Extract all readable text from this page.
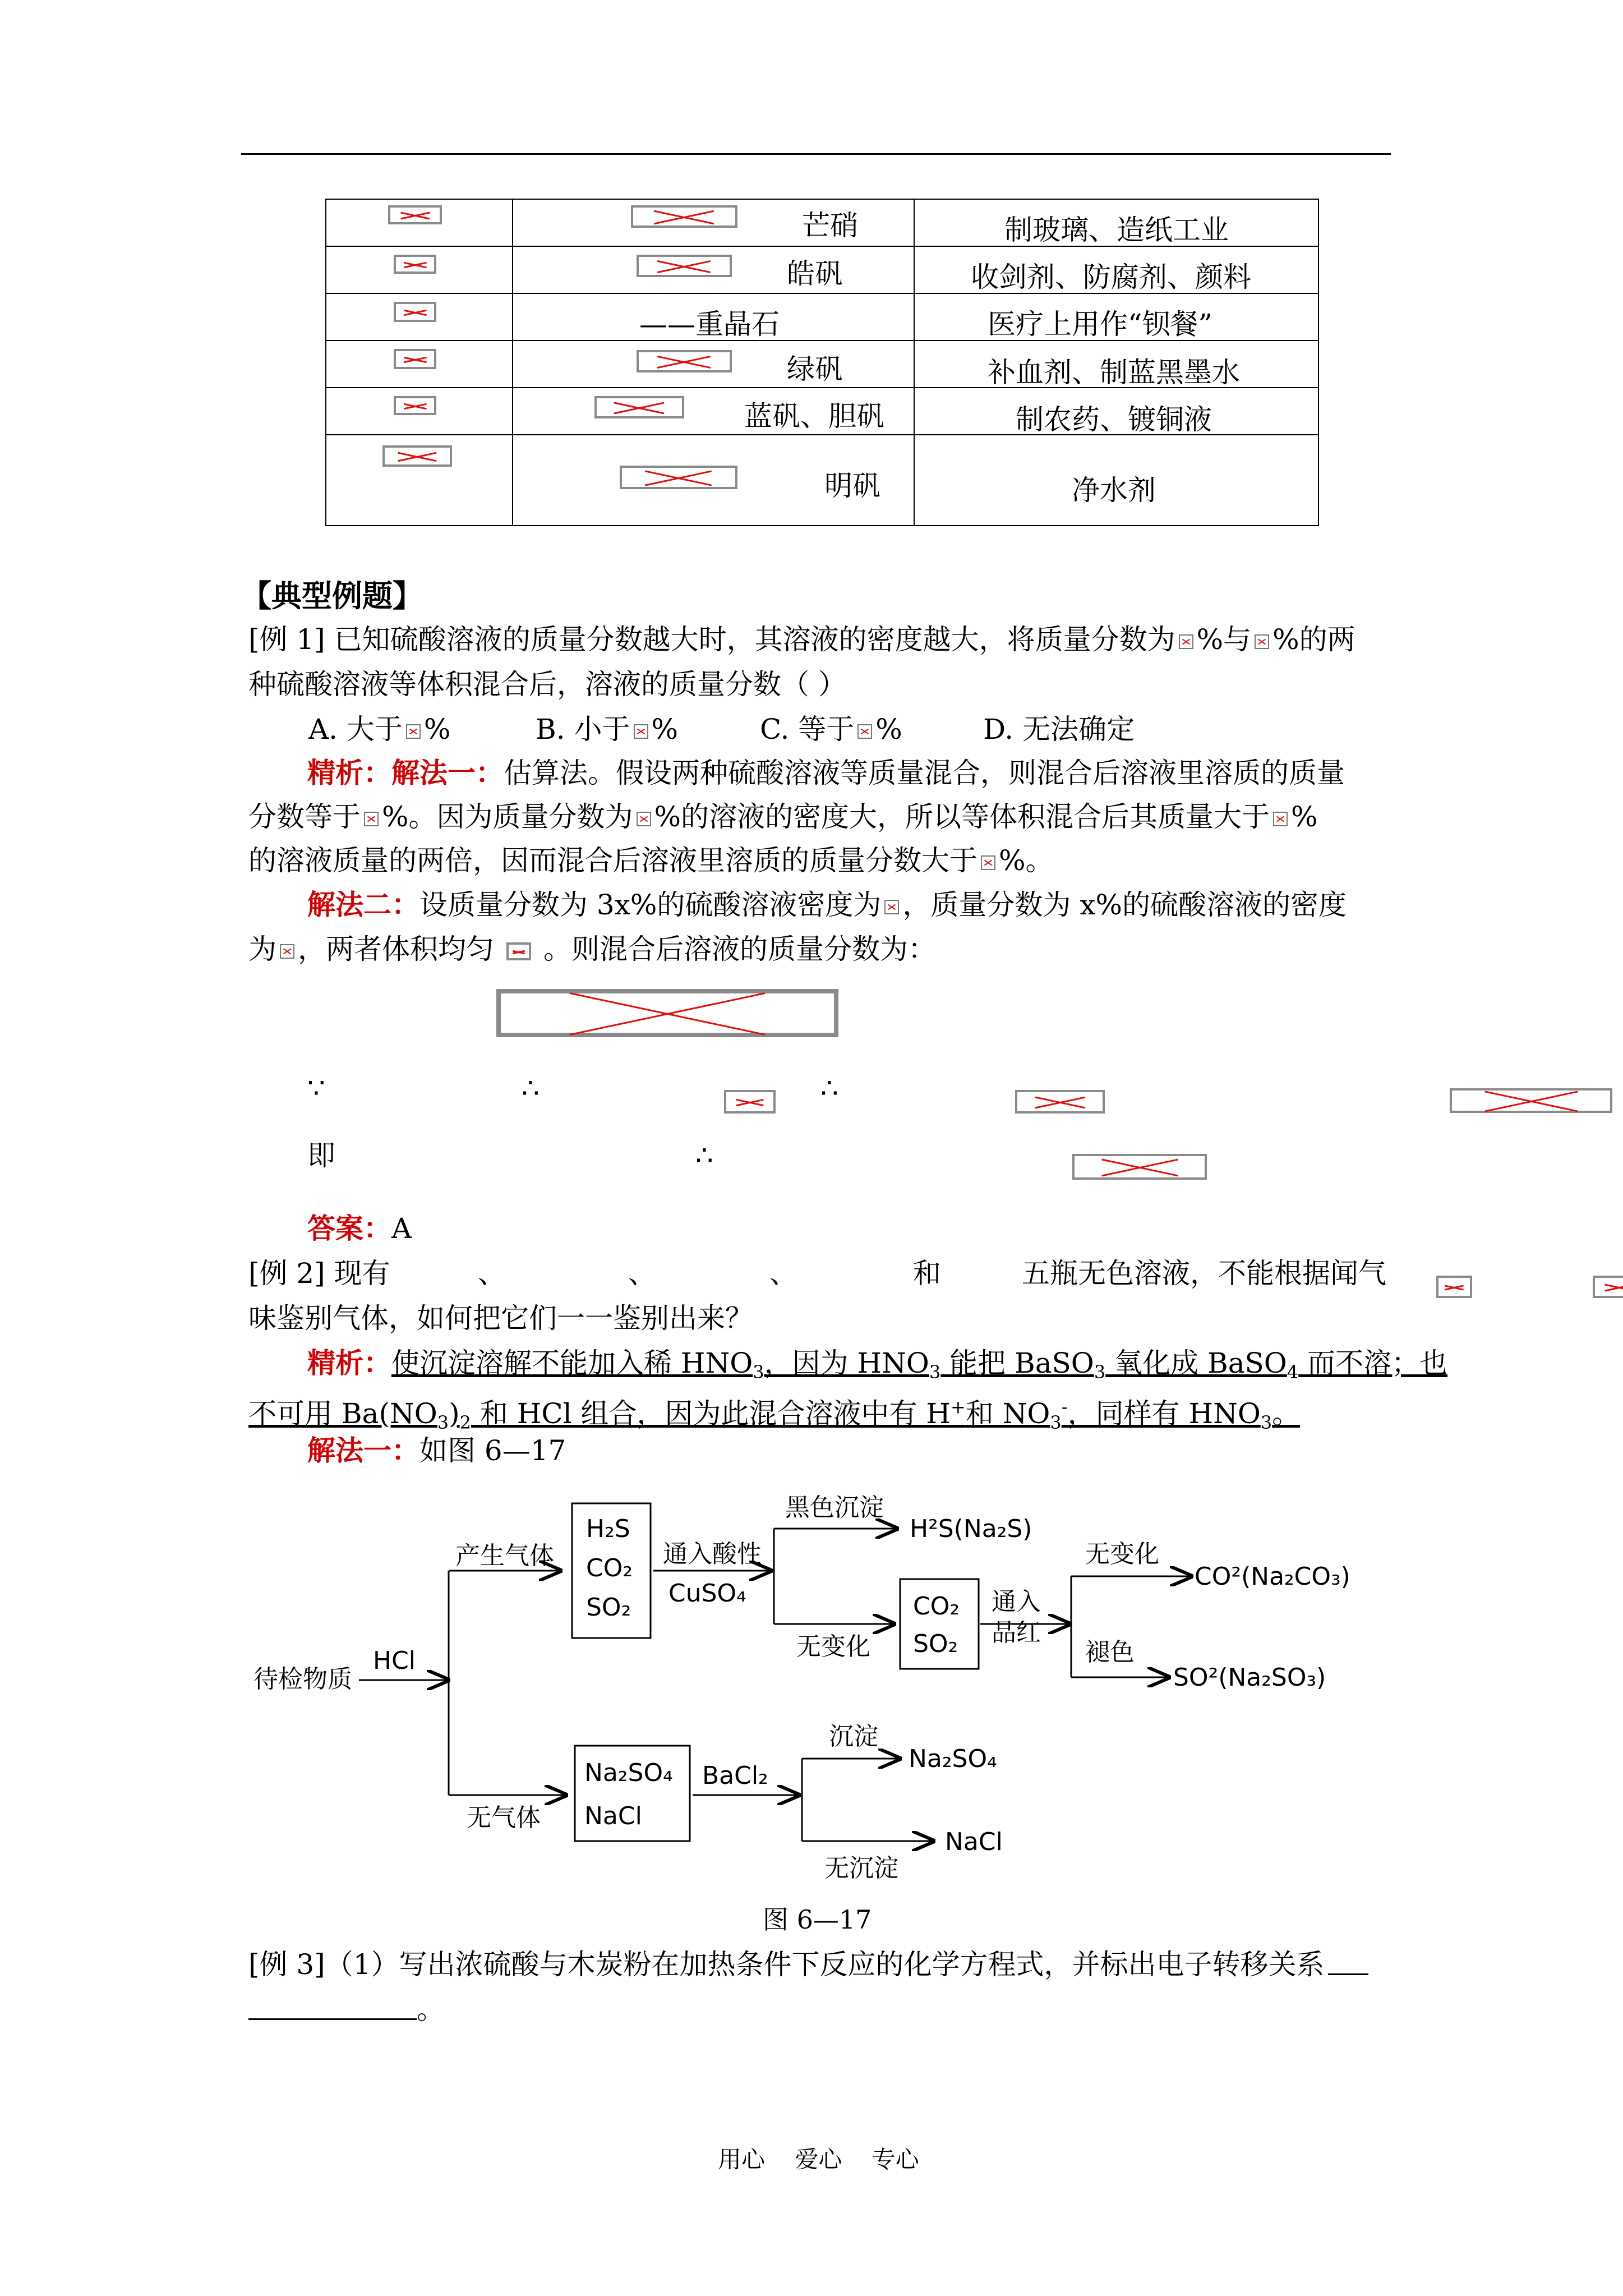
	芒硝	制玻璃、造纸工业

	皓矾	收剑剂、防腐剂、颜料

	——重晶石	医疗上用作“钡餐”

	绿矾	补血剂、制蓝黑墨水

	蓝矾、胆矾	制农药、镀铜液

	明矾	净水剂
【典型例题】
[例 1] 已知硫酸溶液的质量分数越大时，其溶液的密度越大，将质量分数为 %与 %的两
种硫酸溶液等体积混合后，溶液的质量分数（ ）
A. 大于 %	B. 小于 %	C. 等于 %	D. 无法确定
精析：解法一：估算法。假设两种硫酸溶液等质量混合，则混合后溶液里溶质的质量
分数等于 %。因为质量分数为 %的溶液的密度大，所以等体积混合后其质量大于 %
的溶液质量的两倍，因而混合后溶液里溶质的质量分数大于 %。
解法二：设质量分数为 3x%的硫酸溶液密度为 ，质量分数为 x%的硫酸溶液的密度
为 ，两者体积均匀 。则混合后溶液的质量分数为：

∵
	∴
	∴

即
	∴

答案：A
[例 2] 现有
	、
	、
	、
	和	五瓶无色溶液，不能根据闻气
味鉴别气体，如何把它们一一鉴别出来？
精析：使沉淀溶解不能加入稀 $HNO_3$，因为 $HNO_3$ 能把 BaSO$_3$ 氧化成 BaSO$_4$ 而不溶；也
不可用 $Ba(NO_3)_2$ 和 HCl 组合，因为此混合溶液中有 H+和 $NO_3^-$，同样有 $HNO_3$。
解法一：如图 6—17
待检物质
HCl
产生气体
无气体
H₂S
CO₂
SO₂
通入酸性
CuSO₄
黑色沉淀
H²S(Na₂S)
无变化
CO₂
SO₂
通入
品红
无变化
CO²(Na₂CO₃)
褪色
SO²(Na₂SO₃)
Na₂SO₄
NaCl
BaCl₂
沉淀
Na₂SO₄
无沉淀
NaCl
图 6—17
[例 3]（1）写出浓硫酸与木炭粉在加热条件下反应的化学方程式，并标出电子转移关系
。
用心    爱心    专心
